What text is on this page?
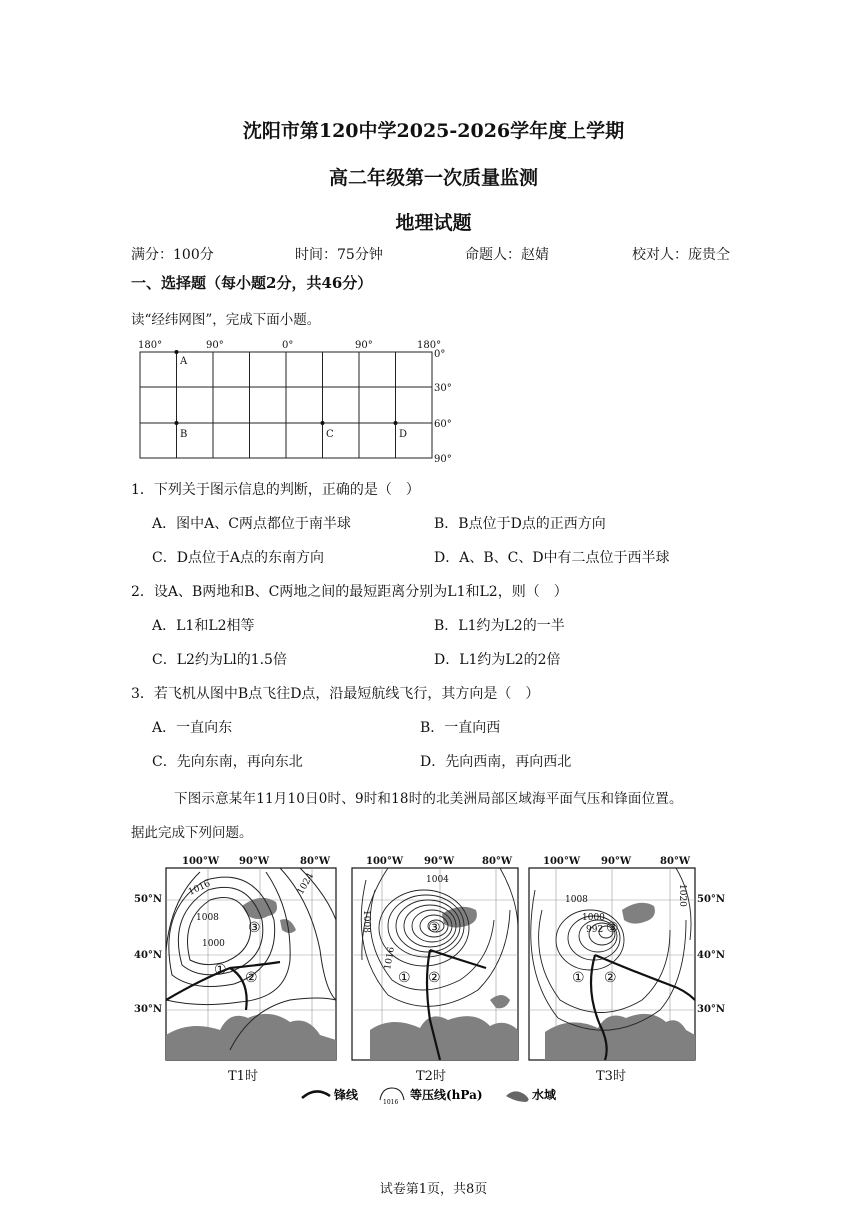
沈阳市第120中学2025-2026学年度上学期
高二年级第一次质量监测
地理试题
满分：100分	时间：75分钟	命题人：赵婧	校对人：庞贵仝
一、选择题（每小题2分，共46分）
读“经纬网图”，完成下面小题。
180°	90°	0°	90°	180°
0°
30°
60°
90°
A
B	C	D
1．下列关于图示信息的判断，正确的是（　）
A．图中A、C两点都位于南半球	B．B点位于D点的正西方向
C．D点位于A点的东南方向	D．A、B、C、D中有二点位于西半球
2．设A、B两地和B、C两地之间的最短距离分别为L1和L2，则（　）
A．L1和L2相等	B．L1约为L2的一半
C．L2约为Ll的1.5倍	D．L1约为L2的2倍
3．若飞机从图中B点飞往D点，沿最短航线飞行，其方向是（　）
A．一直向东	B．一直向西
C．先向东南，再向东北	D．先向西南，再向西北
下图示意某年11月10日0时、9时和18时的北美洲局部区域海平面气压和锋面位置。
据此完成下列问题。
100°W 90°W	80°W	100°W 90°W	80°W	100°W 90°W	80°W
50°N
40°N
30°N
50°N
40°N
30°N
1016
1008
1000
1024
① ②
③
1004
1008
1016
① ②
③
1008
1000
992
1020
① ②
③
T1时	T2时	T3时
锋线
1016
等压线(hPa)	水域
试卷第1页，共8页
